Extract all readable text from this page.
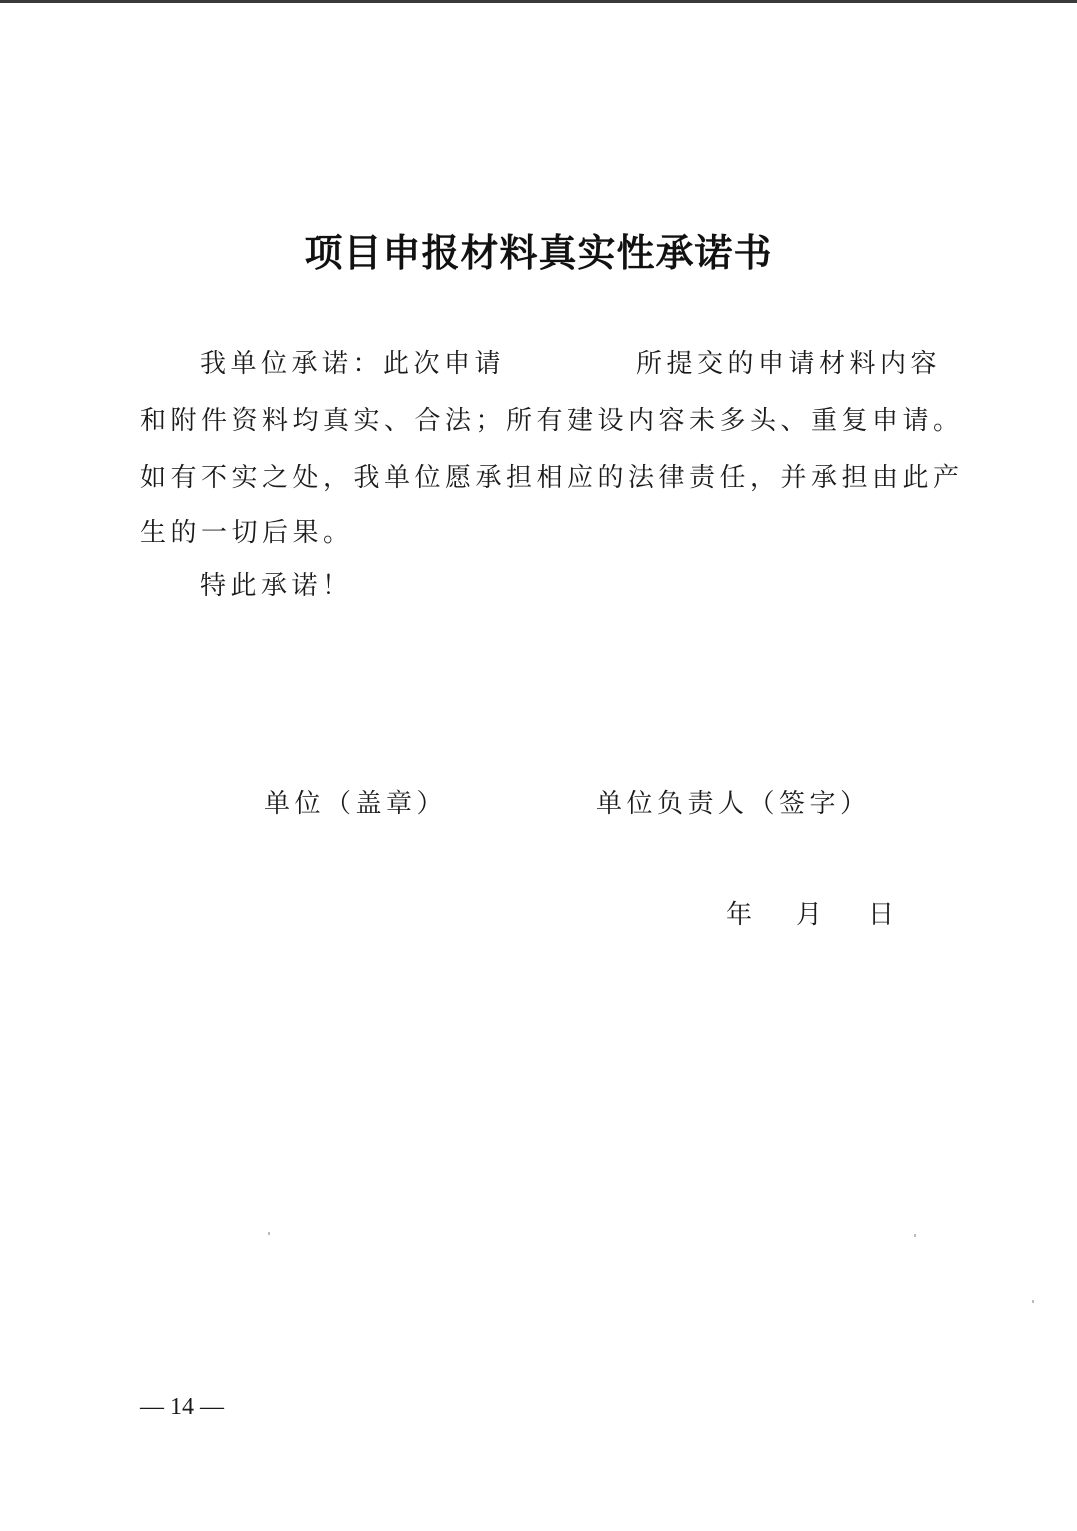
项目申报材料真实性承诺书
我单位承诺：此次申请	所提交的申请材料内容
和附件资料均真实、合法；所有建设内容未多头、重复申请。
如有不实之处，我单位愿承担相应的法律责任，并承担由此产
生的一切后果。
特此承诺！
单位（盖章）	单位负责人（签字）
年 月 日
— 14 —
